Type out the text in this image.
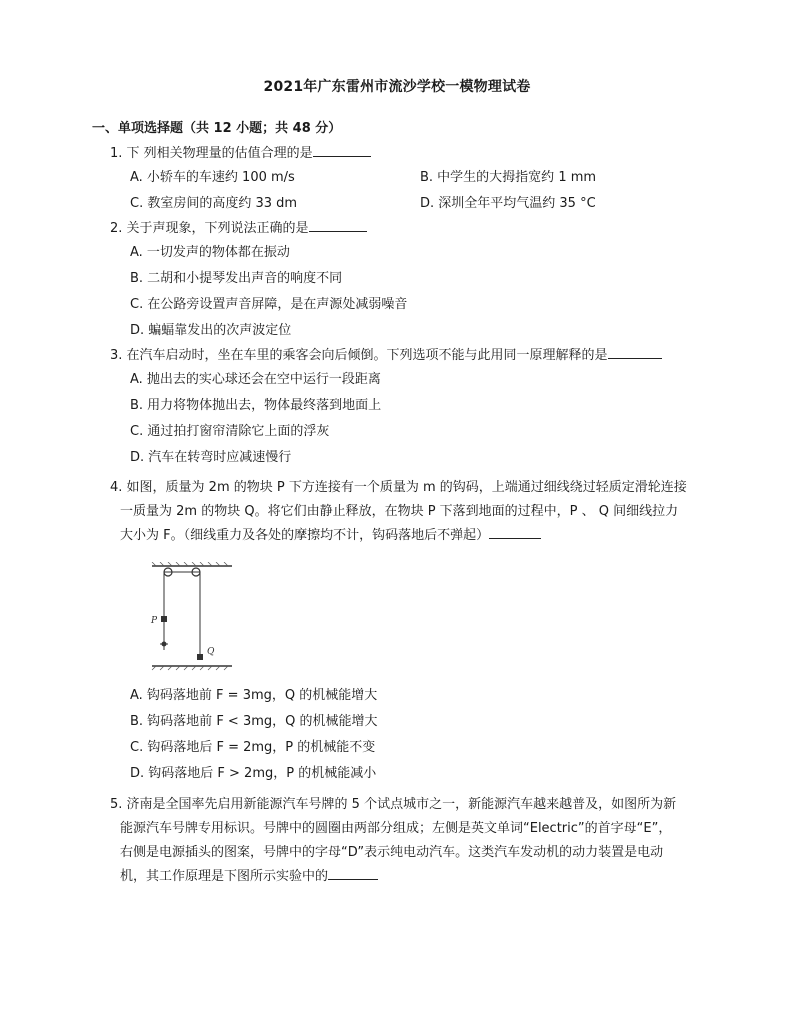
2021年广东雷州市流沙学校一模物理试卷
一、单项选择题（共 12 小题；共 48 分）
1. 下 列相关物理量的估值合理的是
A. 小轿车的车速约 100 m/s	B. 中学生的大拇指宽约 1 mm
C. 教室房间的高度约 33 dm	D. 深圳全年平均气温约 35 °C
2. 关于声现象，下列说法正确的是
A. 一切发声的物体都在振动
B. 二胡和小提琴发出声音的响度不同
C. 在公路旁设置声音屏障，是在声源处减弱噪音
D. 蝙蝠靠发出的次声波定位
3. 在汽车启动时，坐在车里的乘客会向后倾倒。下列选项不能与此用同一原理解释的是
A. 抛出去的实心球还会在空中运行一段距离
B. 用力将物体抛出去，物体最终落到地面上
C. 通过拍打窗帘清除它上面的浮灰
D. 汽车在转弯时应减速慢行
4. 如图，质量为 2m 的物块 P 下方连接有一个质量为 m 的钩码，上端通过细线绕过轻质定滑轮连接
一质量为 2m 的物块 Q。将它们由静止释放，在物块 P 下落到地面的过程中，P 、 Q 间细线拉力
大小为 F。（细线重力及各处的摩擦均不计，钩码落地后不弹起）
P
Q
A. 钩码落地前 F = 3mg，Q 的机械能增大
B. 钩码落地前 F < 3mg，Q 的机械能增大
C. 钩码落地后 F = 2mg，P 的机械能不变
D. 钩码落地后 F > 2mg，P 的机械能减小
5. 济南是全国率先启用新能源汽车号牌的 5 个试点城市之一，新能源汽车越来越普及，如图所为新
能源汽车号牌专用标识。号牌中的圆圈由两部分组成；左侧是英文单词“Electric”的首字母“E”，
右侧是电源插头的图案，号牌中的字母“D”表示纯电动汽车。这类汽车发动机的动力装置是电动
机，其工作原理是下图所示实验中的
